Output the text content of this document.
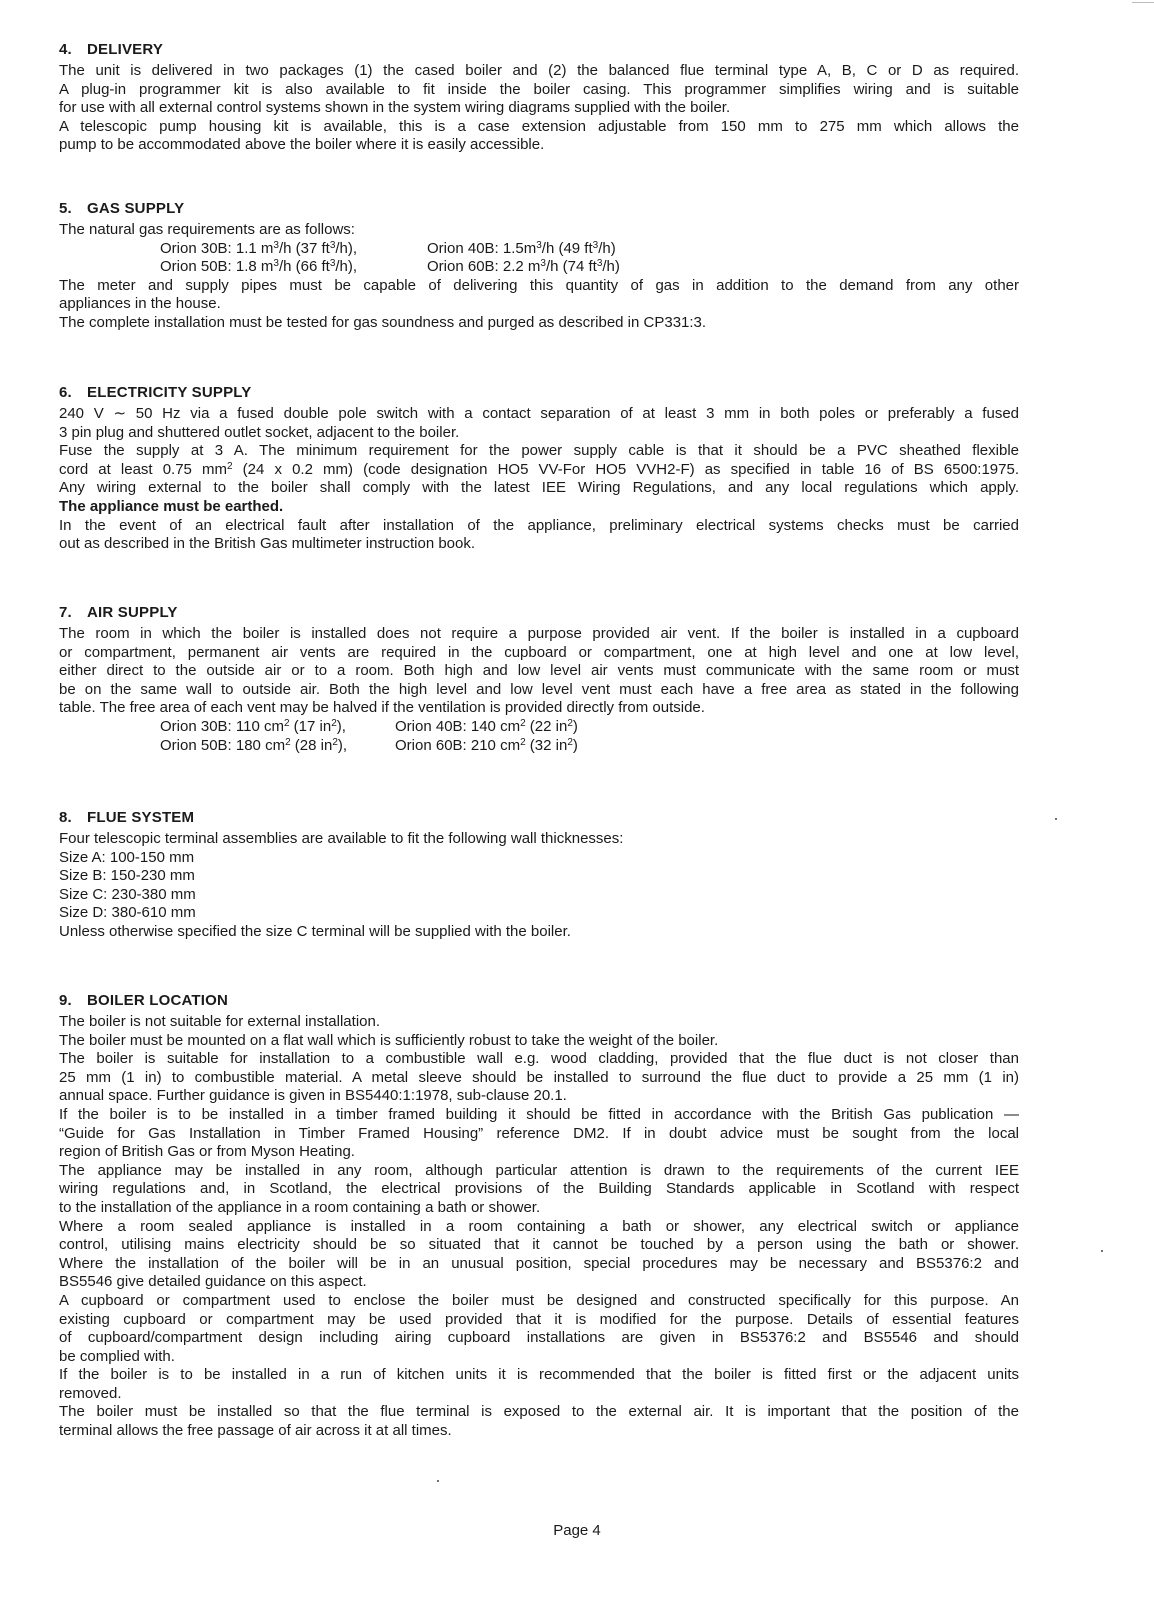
4. DELIVERY

The unit is delivered in two packages (1) the cased boiler and (2) the balanced flue terminal type A, B, C or D as required.

A plug-in programmer kit is also available to fit inside the boiler casing. This programmer simplifies wiring and is suitable

for use with all external control systems shown in the system wiring diagrams supplied with the boiler.

A telescopic pump housing kit is available, this is a case extension adjustable from 150 mm to 275 mm which allows the

pump to be accommodated above the boiler where it is easily accessible.

5. GAS SUPPLY

The natural gas requirements are as follows:

Orion 30B: 1.1 $m^3/h$ (37 $ft^3/h$),	Orion 40B: $1.5m^3/h$ (49 $ft^3/h$)

Orion 50B: 1.8 $m^3/h$ (66 $ft^3/h$),	Orion 60B: 2.2 $m^3/h$ (74 $ft^3/h$)

The meter and supply pipes must be capable of delivering this quantity of gas in addition to the demand from any other

appliances in the house.

The complete installation must be tested for gas soundness and purged as described in CP331:3.

6. ELECTRICITY SUPPLY

240 V ∼ 50 Hz via a fused double pole switch with a contact separation of at least 3 mm in both poles or preferably a fused

3 pin plug and shuttered outlet socket, adjacent to the boiler.

Fuse the supply at 3 A. The minimum requirement for the power supply cable is that it should be a PVC sheathed flexible

cord at least 0.75 $mm^2$ (24 x 0.2 mm) (code designation HO5 VV-For HO5 VVH2-F) as specified in table 16 of BS 6500:1975.

Any wiring external to the boiler shall comply with the latest IEE Wiring Regulations, and any local regulations which apply.

The appliance must be earthed.

In the event of an electrical fault after installation of the appliance, preliminary electrical systems checks must be carried

out as described in the British Gas multimeter instruction book.

7. AIR SUPPLY

The room in which the boiler is installed does not require a purpose provided air vent. If the boiler is installed in a cupboard

or compartment, permanent air vents are required in the cupboard or compartment, one at high level and one at low level,

either direct to the outside air or to a room. Both high and low level air vents must communicate with the same room or must

be on the same wall to outside air. Both the high level and low level vent must each have a free area as stated in the following

table. The free area of each vent may be halved if the ventilation is provided directly from outside.

Orion 30B: 110 $cm^2$ (17 $in^2$),	Orion 40B: 140 $cm^2$ (22 $in^2$)

Orion 50B: 180 $cm^2$ (28 $in^2$),	Orion 60B: 210 $cm^2$ (32 $in^2$)

8. FLUE SYSTEM

Four telescopic terminal assemblies are available to fit the following wall thicknesses:

Size A: 100-150 mm

Size B: 150-230 mm

Size C: 230-380 mm

Size D: 380-610 mm

Unless otherwise specified the size C terminal will be supplied with the boiler.

9. BOILER LOCATION

The boiler is not suitable for external installation.

The boiler must be mounted on a flat wall which is sufficiently robust to take the weight of the boiler.

The boiler is suitable for installation to a combustible wall e.g. wood cladding, provided that the flue duct is not closer than

25 mm (1 in) to combustible material. A metal sleeve should be installed to surround the flue duct to provide a 25 mm (1 in)

annual space. Further guidance is given in BS5440:1:1978, sub-clause 20.1.

If the boiler is to be installed in a timber framed building it should be fitted in accordance with the British Gas publication —

“Guide for Gas Installation in Timber Framed Housing” reference DM2. If in doubt advice must be sought from the local

region of British Gas or from Myson Heating.

The appliance may be installed in any room, although particular attention is drawn to the requirements of the current IEE

wiring regulations and, in Scotland, the electrical provisions of the Building Standards applicable in Scotland with respect

to the installation of the appliance in a room containing a bath or shower.

Where a room sealed appliance is installed in a room containing a bath or shower, any electrical switch or appliance

control, utilising mains electricity should be so situated that it cannot be touched by a person using the bath or shower.

Where the installation of the boiler will be in an unusual position, special procedures may be necessary and BS5376:2 and

BS5546 give detailed guidance on this aspect.

A cupboard or compartment used to enclose the boiler must be designed and constructed specifically for this purpose. An

existing cupboard or compartment may be used provided that it is modified for the purpose. Details of essential features

of cupboard/compartment design including airing cupboard installations are given in BS5376:2 and BS5546 and should

be complied with.

If the boiler is to be installed in a run of kitchen units it is recommended that the boiler is fitted first or the adjacent units

removed.

The boiler must be installed so that the flue terminal is exposed to the external air. It is important that the position of the

terminal allows the free passage of air across it at all times.

Page 4
